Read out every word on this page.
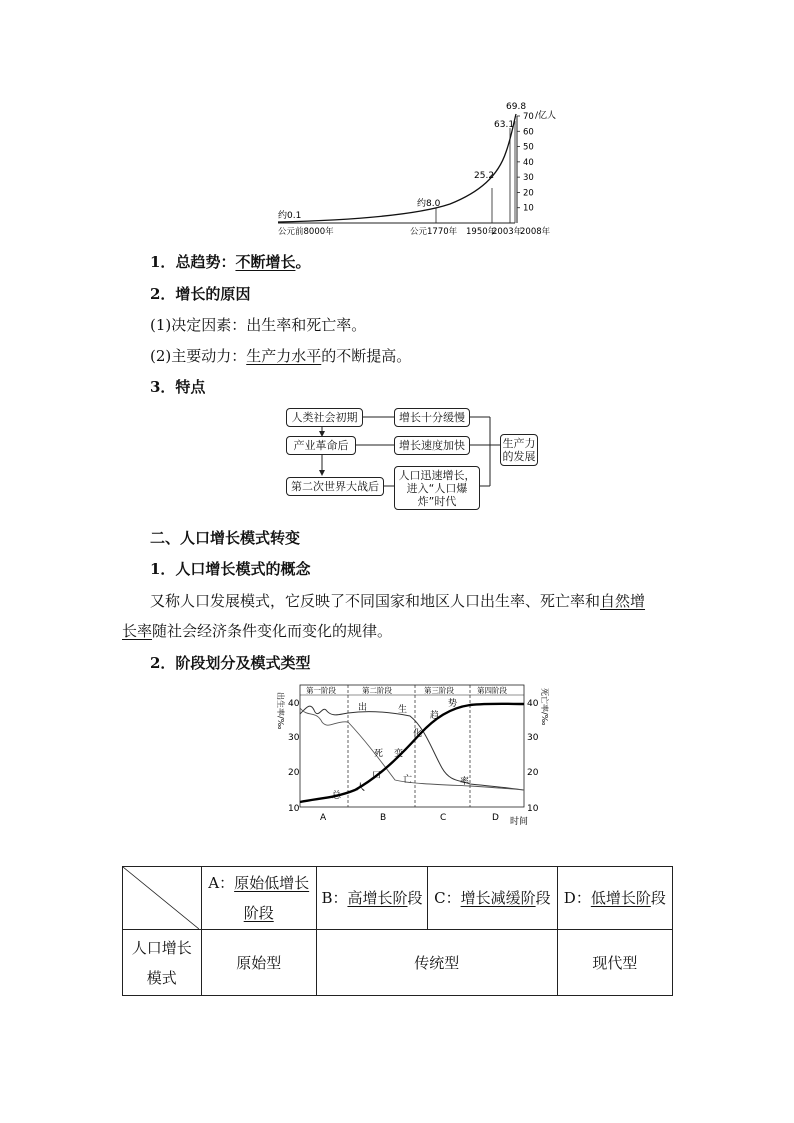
70
60
50
40
30
20
10
/亿人
约0.1
约8.0
25.2
63.1
69.8
公元前8000年	公元1770年 1950年
2003年
2008年
1．总趋势：不断增长。
2．增长的原因
(1)决定因素：出生率和死亡率。
(2)主要动力：生产力水平的不断提高。
3．特点
人类社会初期
产业革命后
第二次世界大战后
增长十分缓慢
增长速度加快
人口迅速增长，进入“人口爆炸”时代
生产力的发展
二、人口增长模式转变
1．人口增长模式的概念
又称人口发展模式，它反映了不同国家和地区人口出生率、死亡率和自然增
长率随社会经济条件变化而变化的规律。
2．阶段划分及模式类型
第一阶段	第二阶段	第三阶段	第四阶段
40
30
20
10
40
30
20
10
出生率/‰	死亡率/‰
出	生
率
死
亡
总
人
口
变
化
趋
势
A	B	C	D 时间
	A：原始低增长阶段	B：高增长阶段	C：增长减缓阶段	D：低增长阶段
人口增长模式	原始型	传统型		现代型
